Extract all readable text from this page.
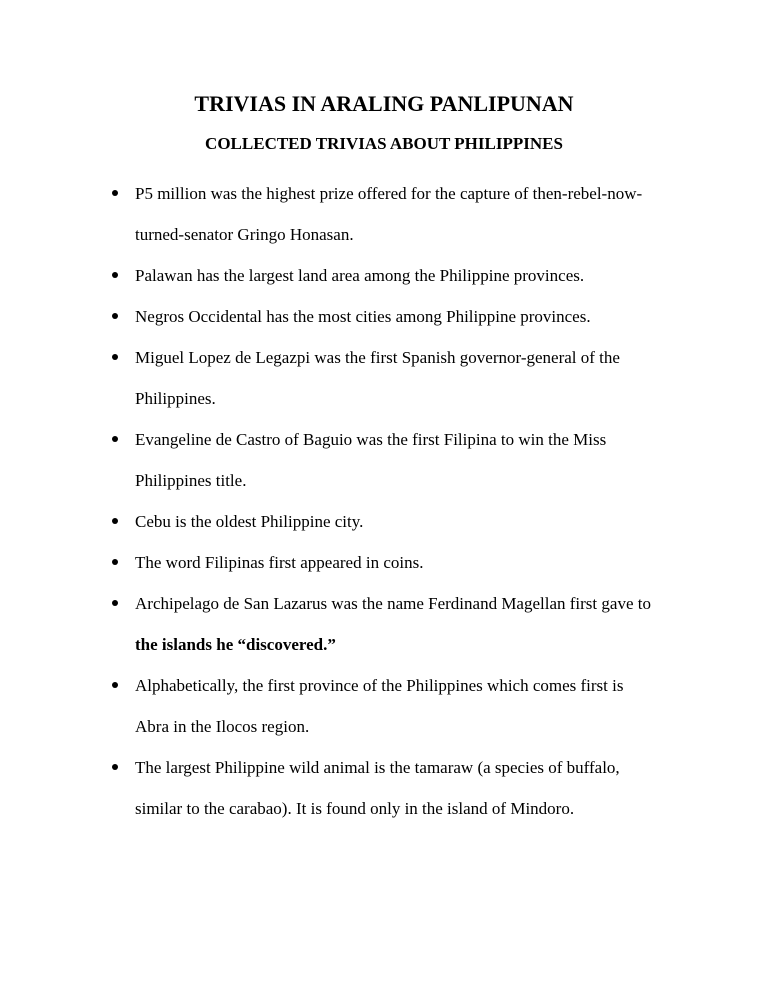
TRIVIAS IN ARALING PANLIPUNAN
COLLECTED TRIVIAS ABOUT PHILIPPINES
P5 million was the highest prize offered for the capture of then-rebel-now-
turned-senator Gringo Honasan.
Palawan has the largest land area among the Philippine provinces.
Negros Occidental has the most cities among Philippine provinces.
Miguel Lopez de Legazpi was the first Spanish governor-general of the
Philippines.
Evangeline de Castro of Baguio was the first Filipina to win the Miss
Philippines title.
Cebu is the oldest Philippine city.
The word Filipinas first appeared in coins.
Archipelago de San Lazarus was the name Ferdinand Magellan first gave to
the islands he “discovered.”
Alphabetically, the first province of the Philippines which comes first is
Abra in the Ilocos region.
The largest Philippine wild animal is the tamaraw (a species of buffalo,
similar to the carabao). It is found only in the island of Mindoro.
